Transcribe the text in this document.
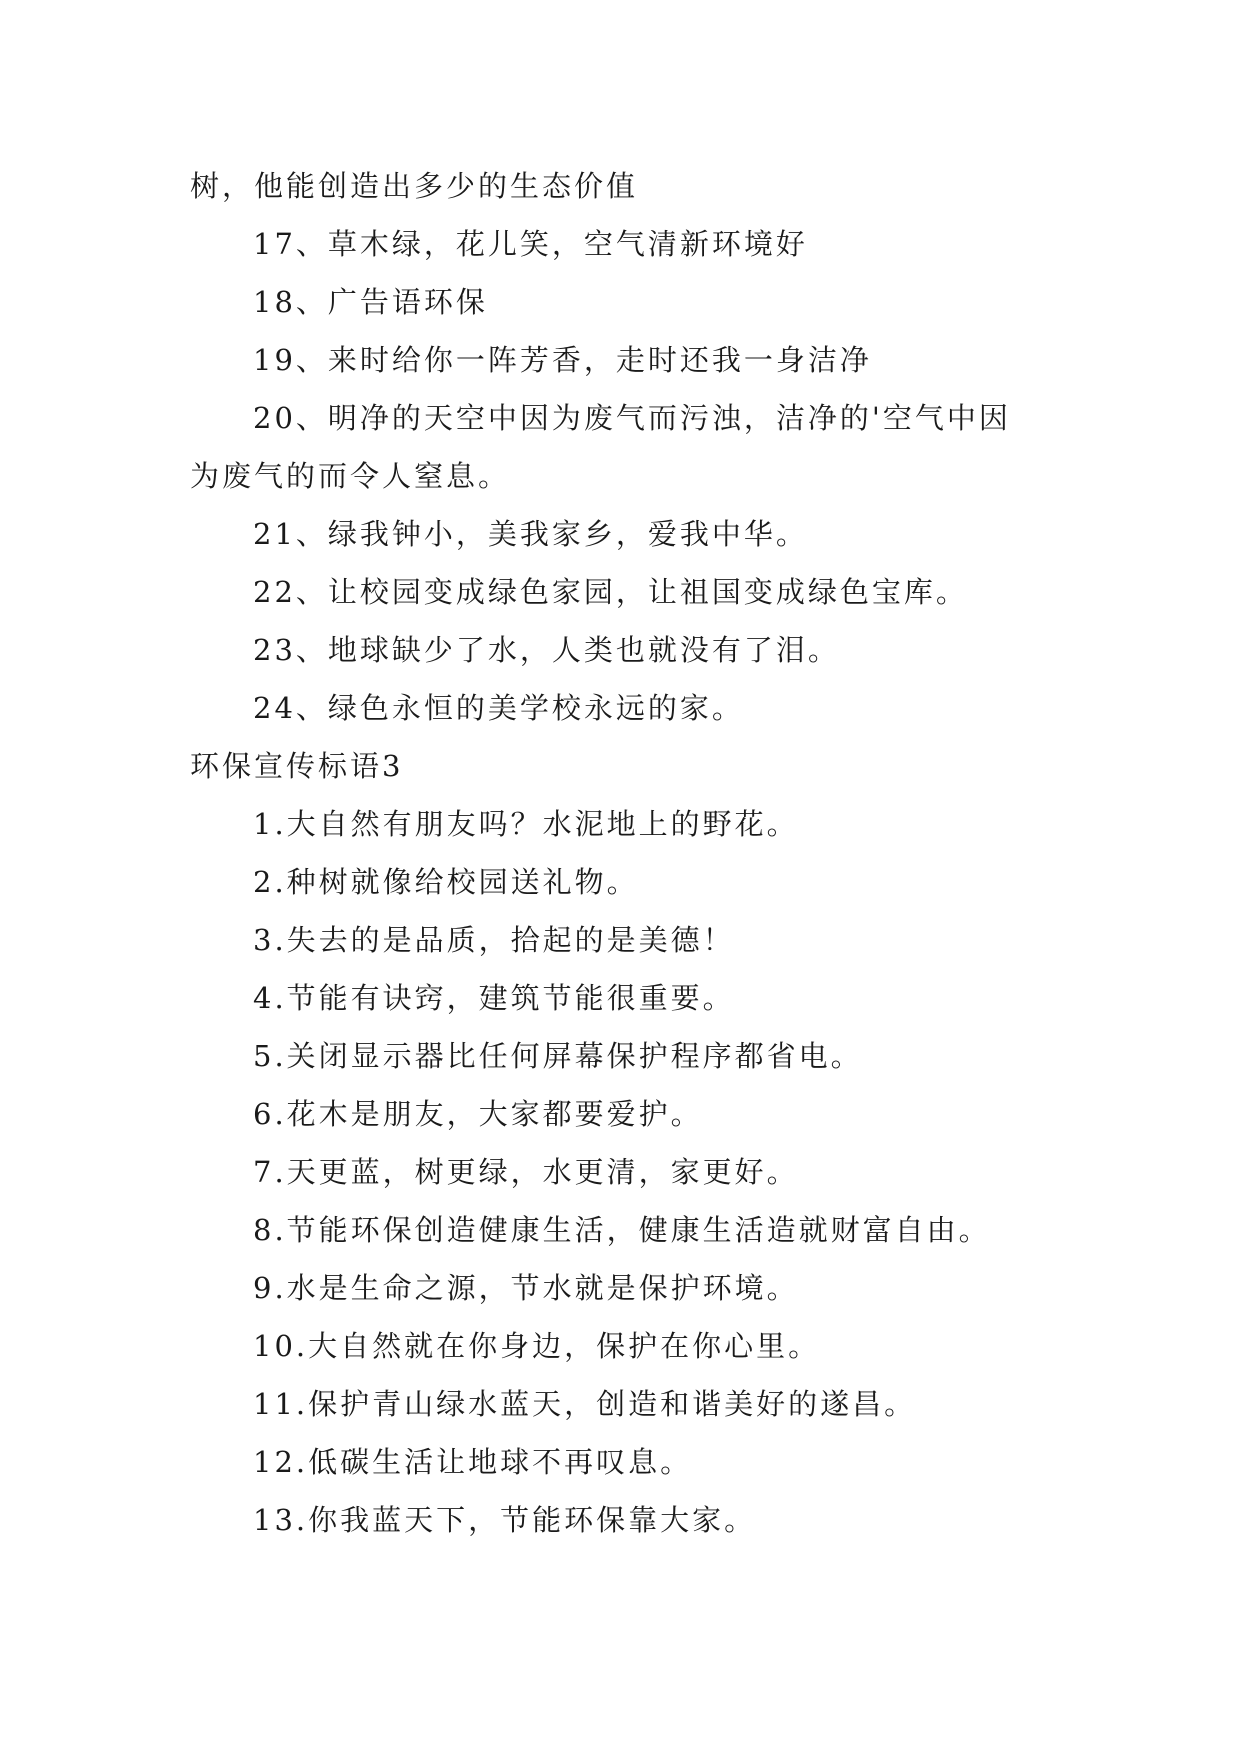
树，他能创造出多少的生态价值
17、草木绿，花儿笑，空气清新环境好
18、广告语环保
19、来时给你一阵芳香，走时还我一身洁净
20、明净的天空中因为废气而污浊，洁净的'空气中因
为废气的而令人窒息。
21、绿我钟小，美我家乡，爱我中华。
22、让校园变成绿色家园，让祖国变成绿色宝库。
23、地球缺少了水，人类也就没有了泪。
24、绿色永恒的美学校永远的家。
环保宣传标语3
1.大自然有朋友吗？水泥地上的野花。
2.种树就像给校园送礼物。
3.失去的是品质，拾起的是美德！
4.节能有诀窍，建筑节能很重要。
5.关闭显示器比任何屏幕保护程序都省电。
6.花木是朋友，大家都要爱护。
7.天更蓝，树更绿，水更清，家更好。
8.节能环保创造健康生活，健康生活造就财富自由。
9.水是生命之源，节水就是保护环境。
10.大自然就在你身边，保护在你心里。
11.保护青山绿水蓝天，创造和谐美好的遂昌。
12.低碳生活让地球不再叹息。
13.你我蓝天下，节能环保靠大家。
